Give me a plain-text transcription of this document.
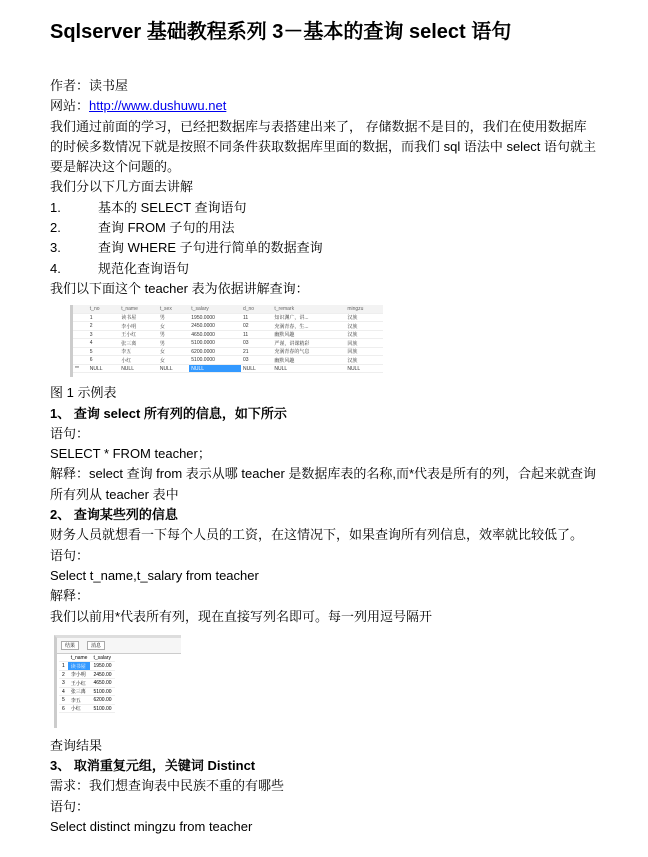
Sqlserver 基础教程系列 3－基本的查询 select 语句

作者：读书屋

网站：http://www.dushuwu.net

我们通过前面的学习，已经把数据库与表搭建出来了， 存储数据不是目的，我们在使用数据库的时候多数情况下就是按照不同条件获取数据库里面的数据，而我们 sql 语法中 select 语句就主要是解决这个问题的。

我们分以下几方面去讲解

1.	基本的 SELECT 查询语句
2.	查询 FROM 子句的用法
3.	查询 WHERE 子句进行简单的数据查询
4.	规范化查询语句

我们以下面这个 teacher 表为依据讲解查询：

	t_no	t_name	t_sex	t_salary	d_no	t_remark	mingzu
	1	读书屋	男	1950.0000	11	知识渊广，讲...	汉族
	2	李小明	女	2450.0000	02	充满青春，生...	汉族
	3	王小红	男	4650.0000	11	幽默风趣	汉族
	4	张三离	男	5100.0000	03	严谨，讲课精彩	回族
	5	李五	女	6200.0000	21	充满青春的气息	回族
	6	小红	女	5100.0000	03	幽默风趣	汉族
**	NULL	NULL	NULL	NULL	NULL	NULL	NULL

图 1 示例表

1、 查询 select 所有列的信息，如下所示

语句：

SELECT * FROM teacher；

解释：select 查询 from 表示从哪 teacher 是数据库表的名称,而*代表是所有的列，合起来就查询所有列从 teacher 表中

2、 查询某些列的信息

财务人员就想看一下每个人员的工资，在这情况下，如果查询所有列信息，效率就比较低了。

语句：

Select t_name,t_salary from teacher

解释：

我们以前用*代表所有列，现在直接写列名即可。每一列用逗号隔开

结果	消息
	t_name	t_salary
1	读书屋	1950.00
2	李小明	2450.00
3	王小红	4650.00
4	张三离	5100.00
5	李五	6200.00
6	小红	5100.00

查询结果

3、 取消重复元组，关键词 Distinct

需求：我们想查询表中民族不重的有哪些

语句：

Select distinct mingzu from teacher
